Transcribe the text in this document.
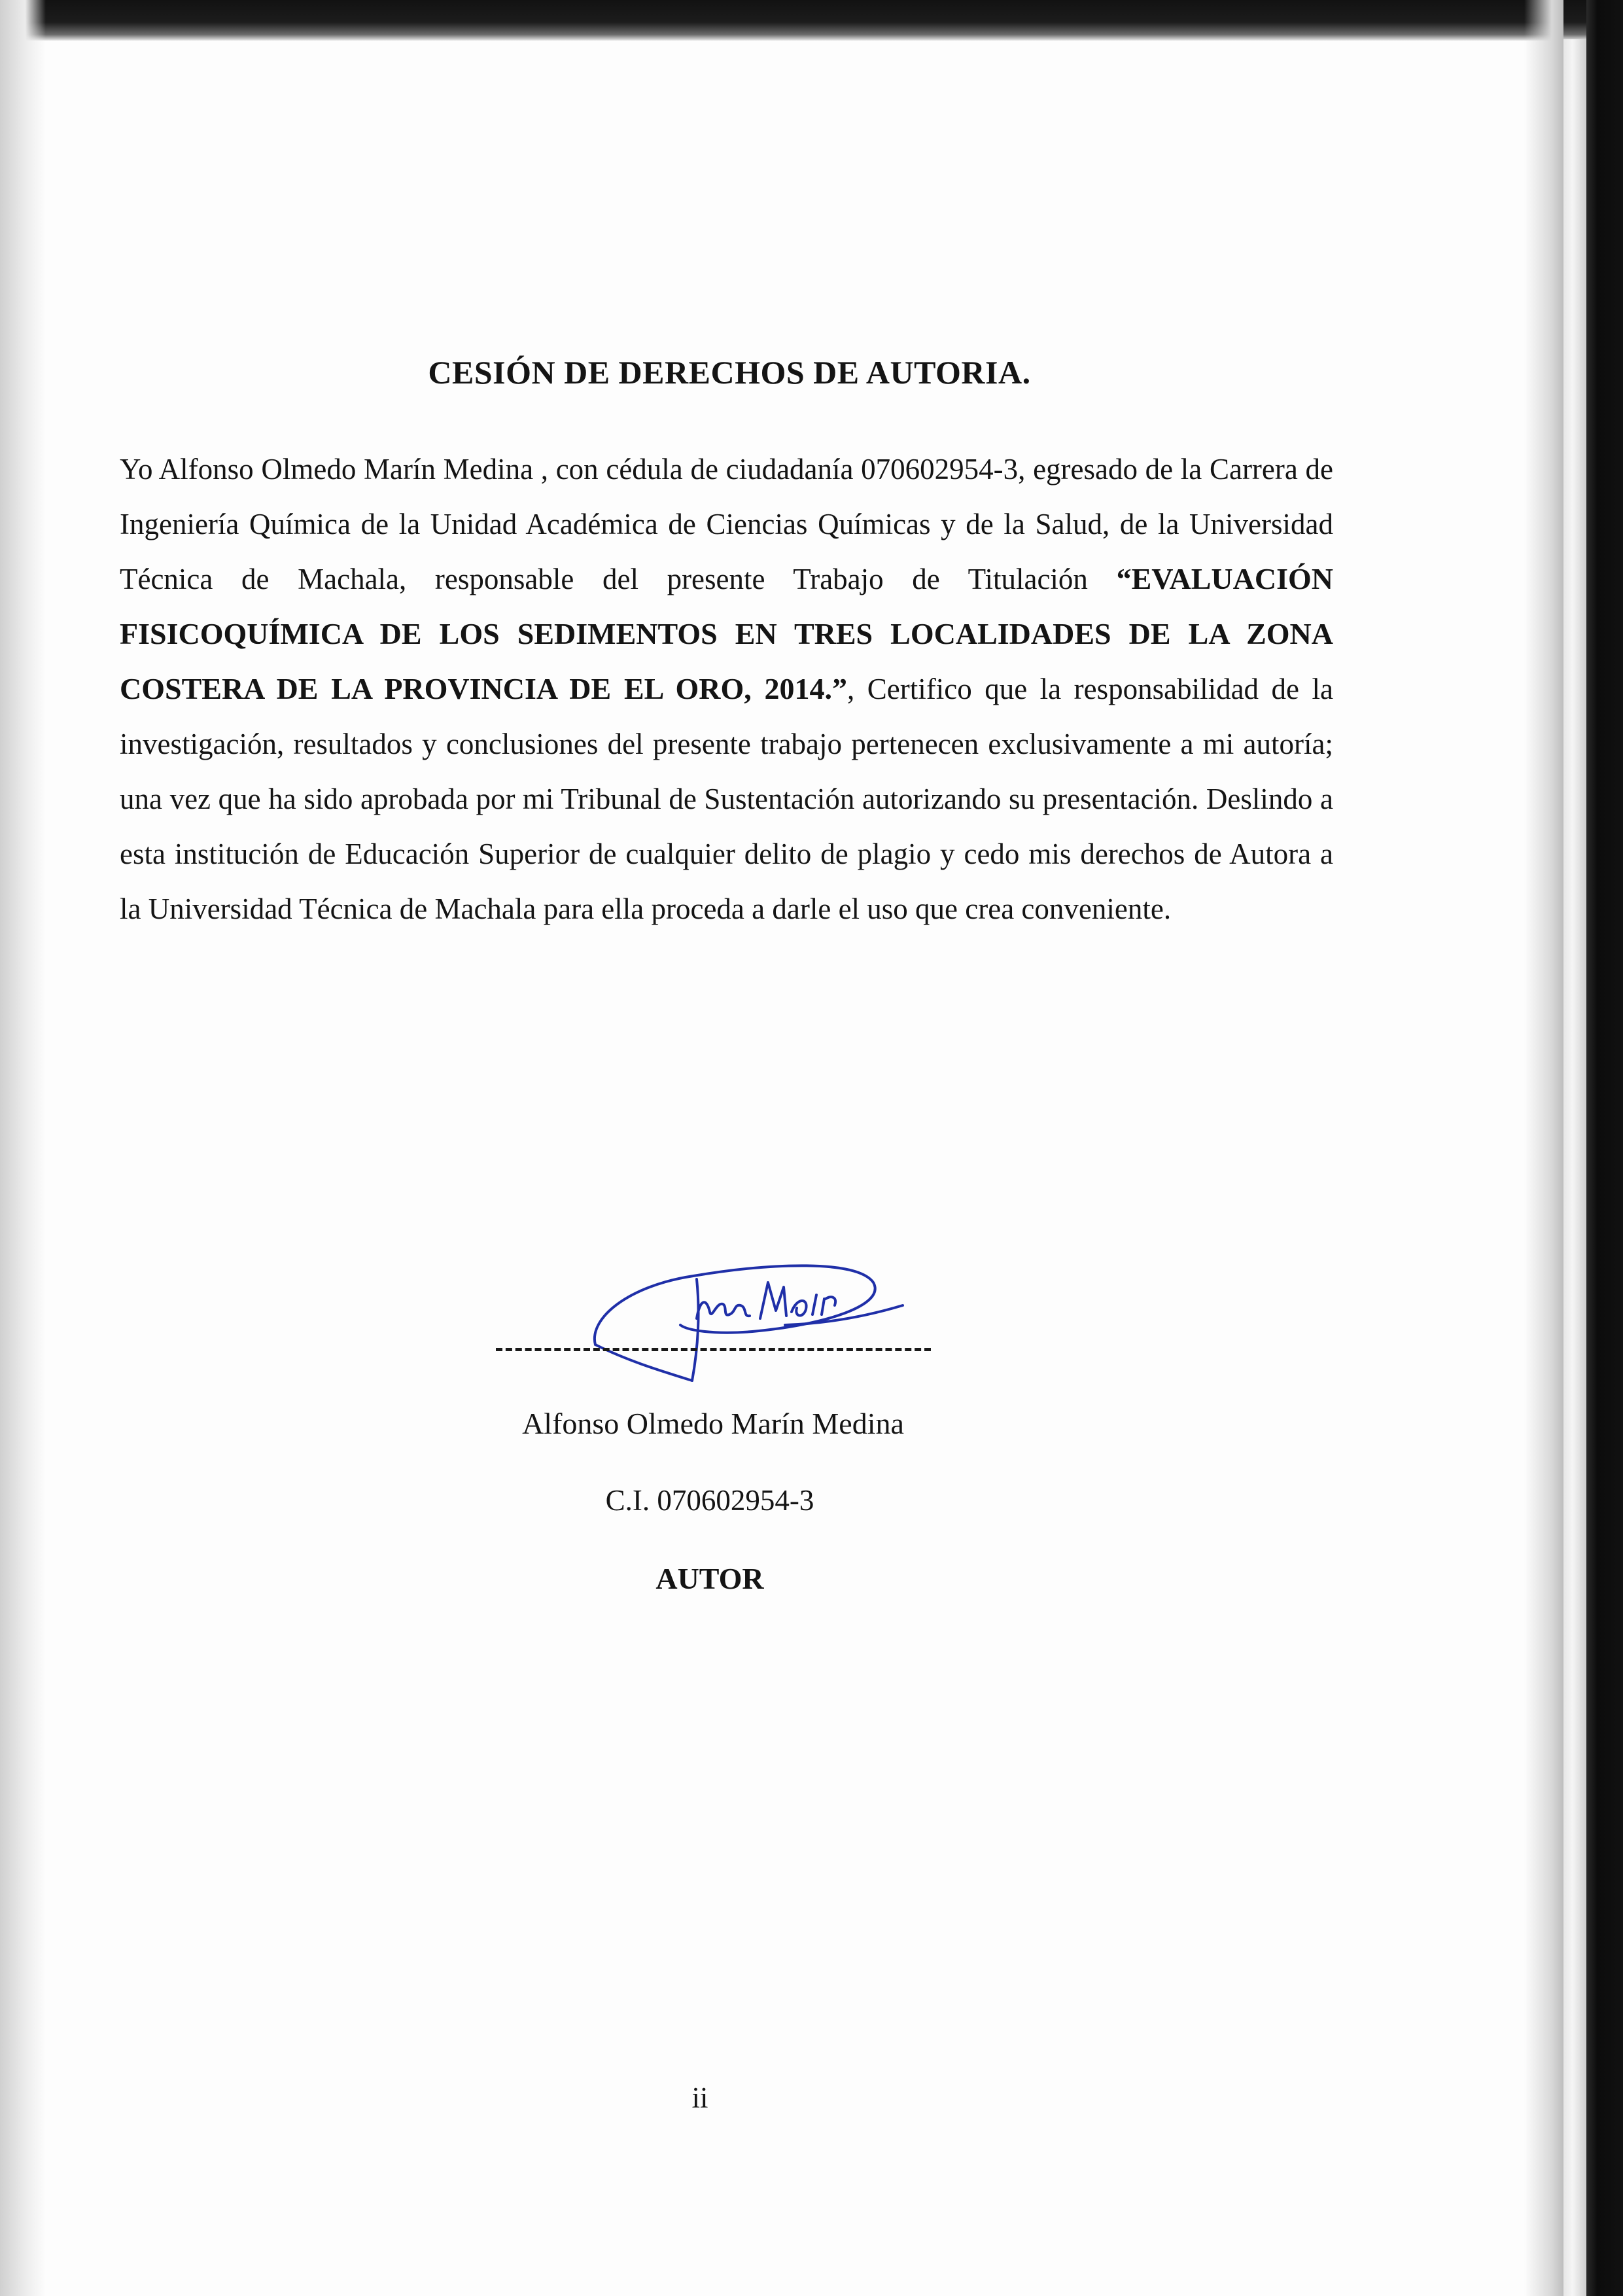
CESIÓN DE DERECHOS DE AUTORIA.

Yo Alfonso Olmedo Marín Medina , con cédula de ciudadanía 070602954-3, egresado de la Carrera de Ingeniería Química de la Unidad Académica de Ciencias Químicas y de la Salud, de la Universidad Técnica de Machala, responsable del presente Trabajo de Titulación “EVALUACIÓN FISICOQUÍMICA DE LOS SEDIMENTOS EN TRES LOCALIDADES DE LA ZONA COSTERA DE LA PROVINCIA DE EL ORO, 2014.”, Certifico que la responsabilidad de la investigación, resultados y conclusiones del presente trabajo pertenecen exclusivamente a mi autoría; una vez que ha sido aprobada por mi Tribunal de Sustentación autorizando su presentación. Deslindo a esta institución de Educación Superior de cualquier delito de plagio y cedo mis derechos de Autora a la Universidad Técnica de Machala para ella proceda a darle el uso que crea conveniente.

Alfonso Olmedo Marín Medina
C.I. 070602954-3
AUTOR
ii
